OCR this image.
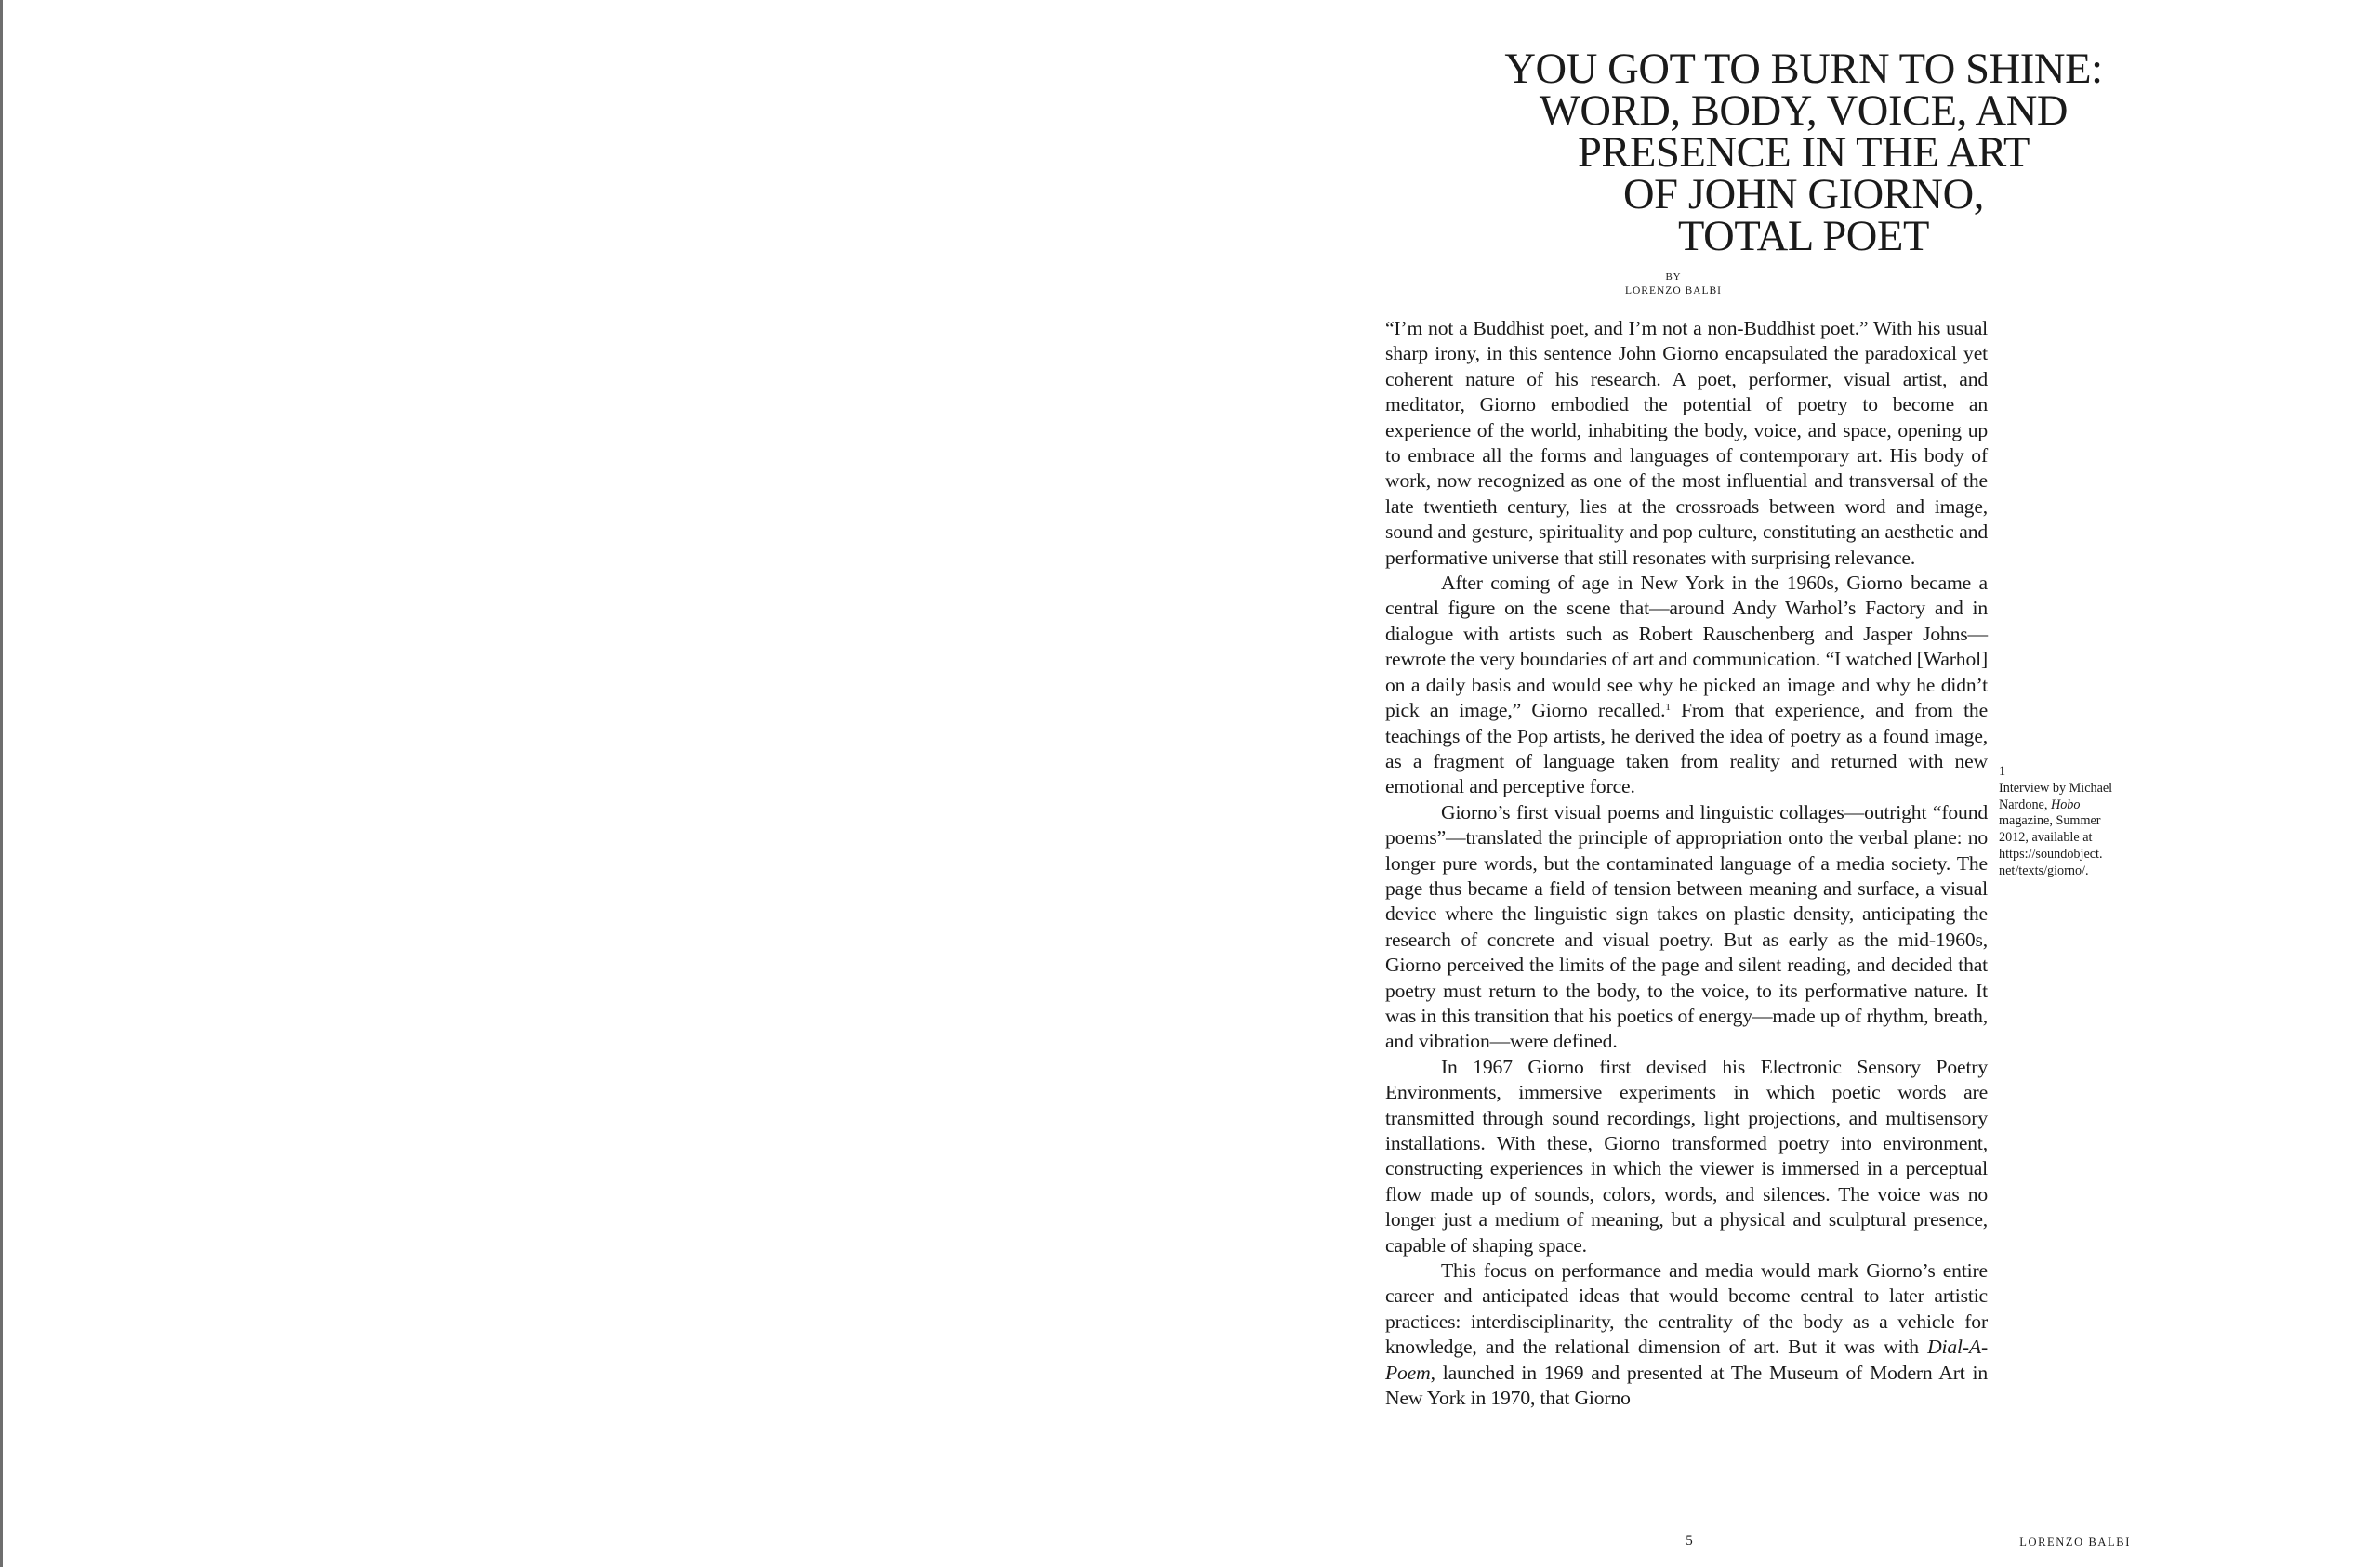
YOU GOT TO BURN TO SHINE:
WORD, BODY, VOICE, AND
PRESENCE IN THE ART
OF JOHN GIORNO,
TOTAL POET
BY
LORENZO BALBI

“I’m not a Buddhist poet, and I’m not a non-Buddhist poet.” With his usual sharp irony, in this sentence John Giorno encapsulated the paradoxical yet coherent nature of his research. A poet, performer, visual artist, and meditator, Giorno embodied the potential of poetry to become an experience of the world, inhabiting the body, voice, and space, opening up to embrace all the forms and languages of contemporary art. His body of work, now recognized as one of the most influential and transversal of the late twentieth century, lies at the crossroads between word and image, sound and gesture, spirituality and pop culture, constituting an aesthetic and performative universe that still resonates with surprising relevance.

After coming of age in New York in the 1960s, Giorno became a central figure on the scene that—around Andy Warhol’s Factory and in dialogue with artists such as Robert Rauschenberg and Jasper Johns—rewrote the very boundaries of art and communication. “I watched [Warhol] on a daily basis and would see why he picked an image and why he didn’t pick an image,” Giorno recalled.$^1$ From that experience, and from the teachings of the Pop artists, he derived the idea of poetry as a found image, as a fragment of language taken from reality and returned with new emotional and perceptive force.

Giorno’s first visual poems and linguistic collages—outright “found poems”—translated the principle of appropriation onto the verbal plane: no longer pure words, but the contaminated language of a media society. The page thus became a field of tension between meaning and surface, a visual device where the linguistic sign takes on plastic density, anticipating the research of concrete and visual poetry. But as early as the mid-1960s, Giorno perceived the limits of the page and silent reading, and decided that poetry must return to the body, to the voice, to its performative nature. It was in this transition that his poetics of energy—made up of rhythm, breath, and vibration—were defined.

In 1967 Giorno first devised his Electronic Sensory Poetry Environments, immersive experiments in which poetic words are transmitted through sound recordings, light projections, and multisensory installations. With these, Giorno transformed poetry into environment, constructing experiences in which the viewer is immersed in a perceptual flow made up of sounds, colors, words, and silences. The voice was no longer just a medium of meaning, but a physical and sculptural presence, capable of shaping space.

This focus on performance and media would mark Giorno’s entire career and anticipated ideas that would become central to later artistic practices: interdisciplinarity, the centrality of the body as a vehicle for knowledge, and the relational dimension of art. But it was with Dial-A-Poem, launched in 1969 and presented at The Museum of Modern Art in New York in 1970, that Giorno

1
Interview by Michael
Nardone, Hobo
magazine, Summer
2012, available at
https://soundobject.
net/texts/giorno/.
5	LORENZO BALBI
